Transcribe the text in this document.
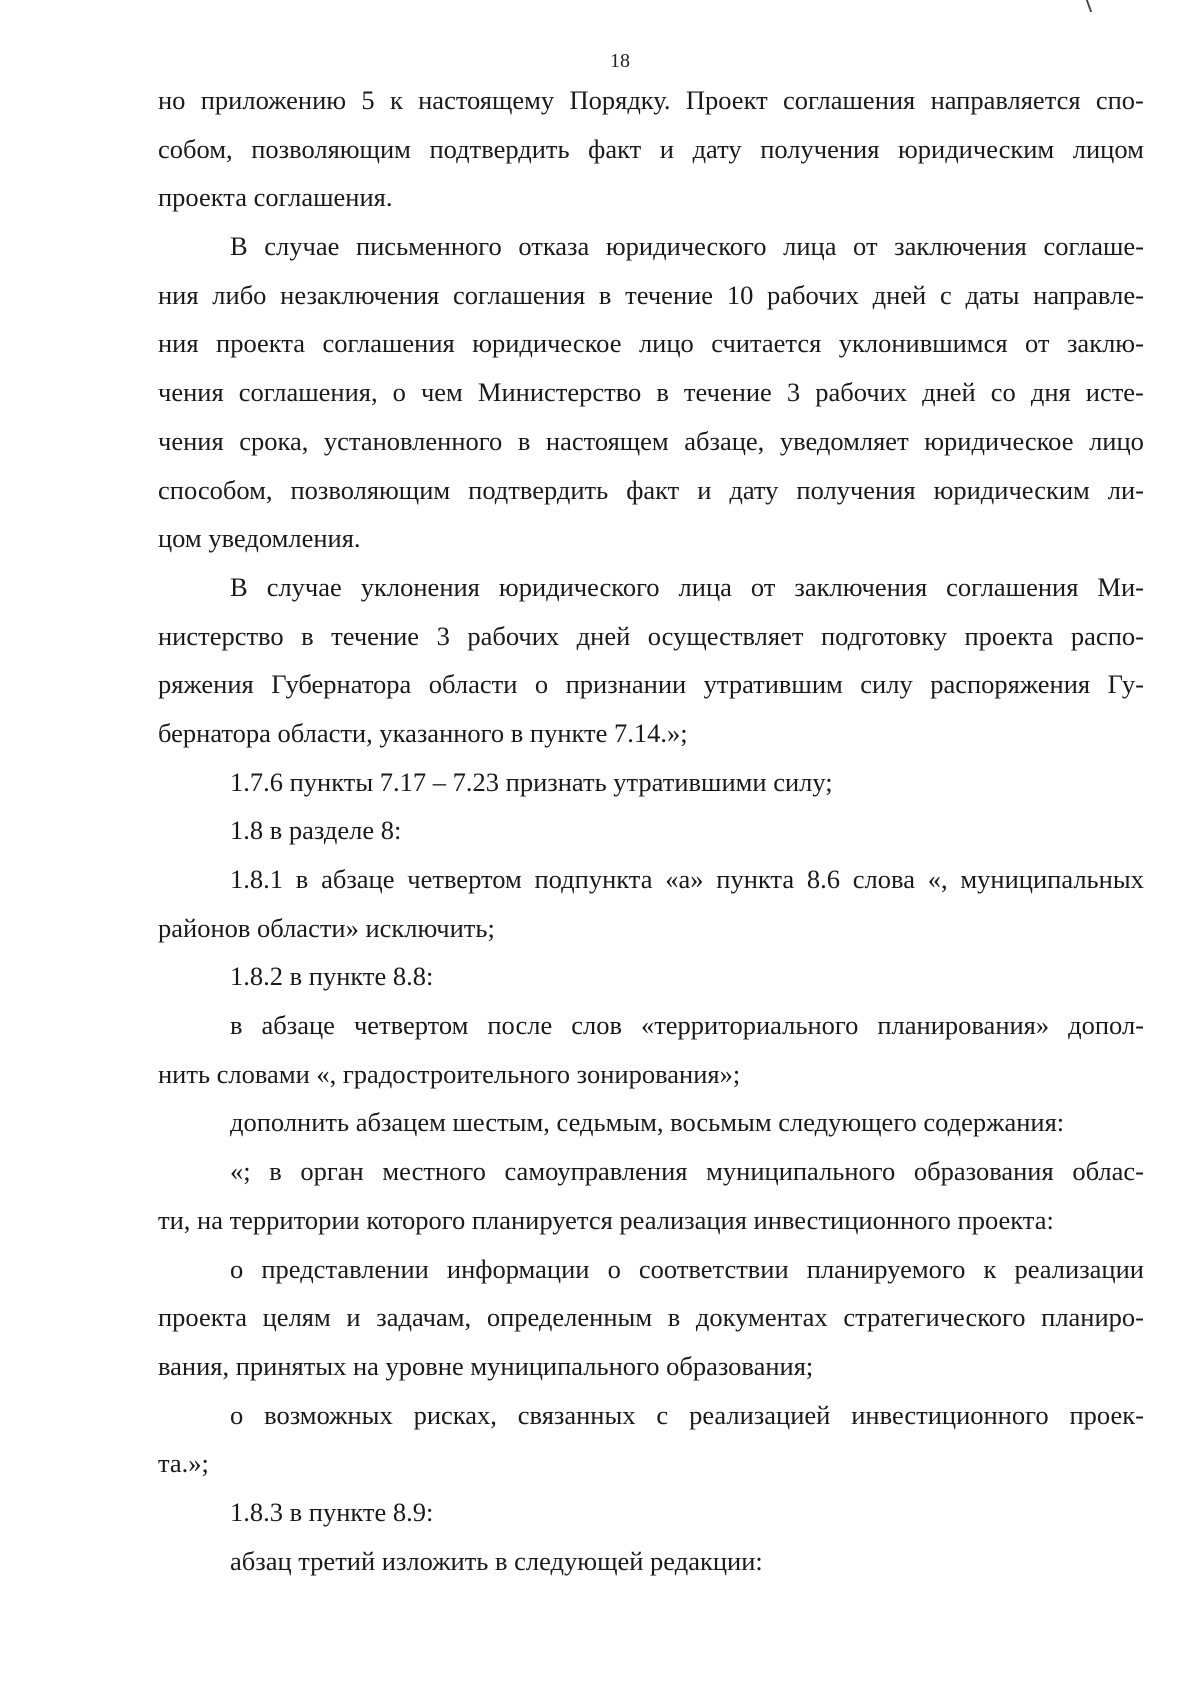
18
но приложению 5 к настоящему Порядку. Проект соглашения направляется спо-
собом, позволяющим подтвердить факт и дату получения юридическим лицом
проекта соглашения.
В случае письменного отказа юридического лица от заключения соглаше-
ния либо незаключения соглашения в течение 10 рабочих дней с даты направле-
ния проекта соглашения юридическое лицо считается уклонившимся от заклю-
чения соглашения, о чем Министерство в течение 3 рабочих дней со дня исте-
чения срока, установленного в настоящем абзаце, уведомляет юридическое лицо
способом, позволяющим подтвердить факт и дату получения юридическим ли-
цом уведомления.
В случае уклонения юридического лица от заключения соглашения Ми-
нистерство в течение 3 рабочих дней осуществляет подготовку проекта распо-
ряжения Губернатора области о признании утратившим силу распоряжения Гу-
бернатора области, указанного в пункте 7.14.»;
1.7.6 пункты 7.17 – 7.23 признать утратившими силу;
1.8 в разделе 8:
1.8.1 в абзаце четвертом подпункта «а» пункта 8.6 слова «, муниципальных
районов области» исключить;
1.8.2 в пункте 8.8:
в абзаце четвертом после слов «территориального планирования» допол-
нить словами «, градостроительного зонирования»;
дополнить абзацем шестым, седьмым, восьмым следующего содержания:
«; в орган местного самоуправления муниципального образования облас-
ти, на территории которого планируется реализация инвестиционного проекта:
о представлении информации о соответствии планируемого к реализации
проекта целям и задачам, определенным в документах стратегического планиро-
вания, принятых на уровне муниципального образования;
о возможных рисках, связанных с реализацией инвестиционного проек-
та.»;
1.8.3 в пункте 8.9:
абзац третий изложить в следующей редакции:
